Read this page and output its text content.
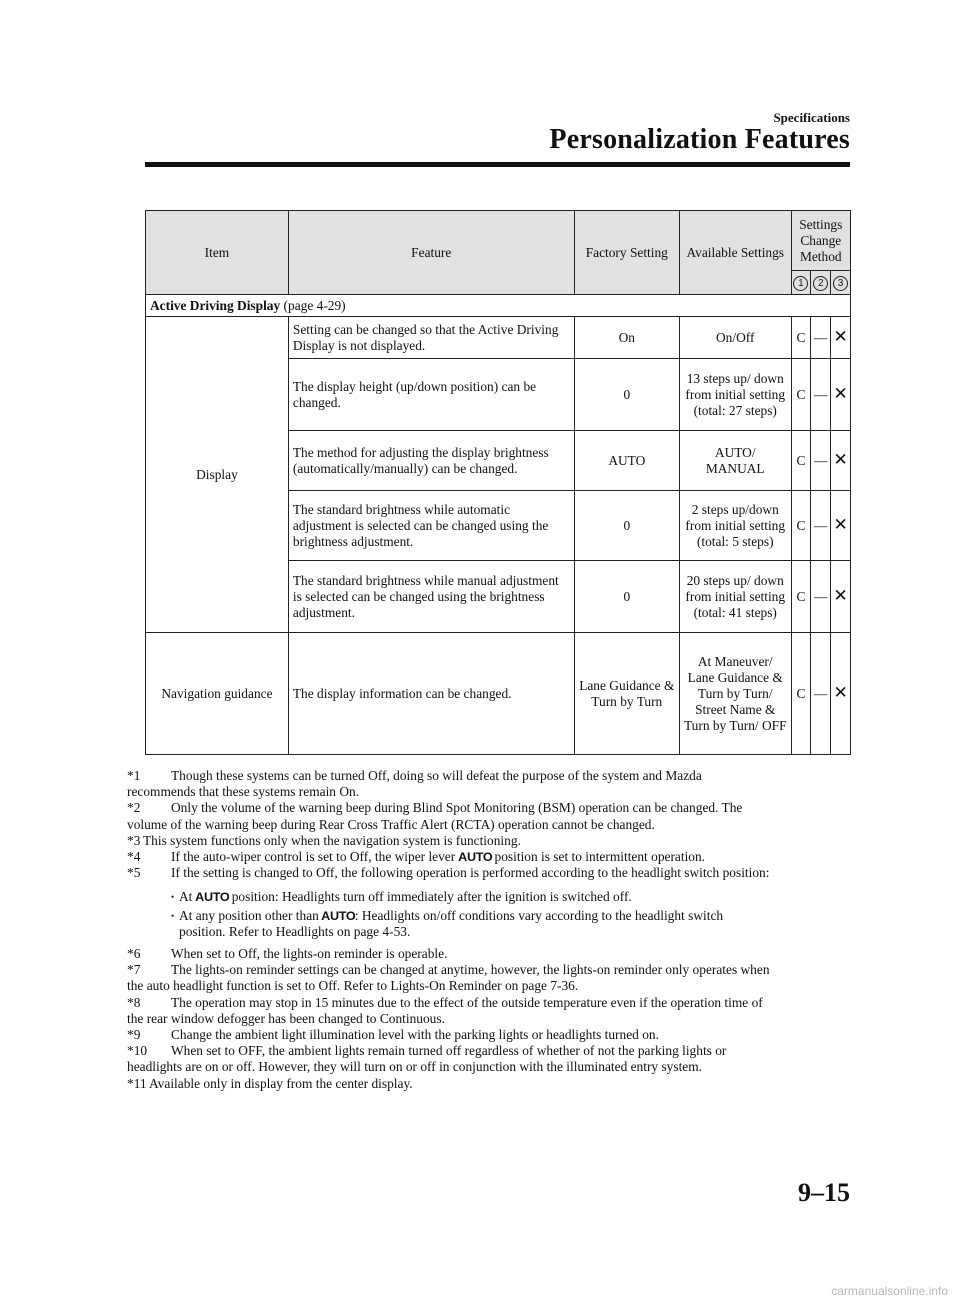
Specifications
Personalization Features
Item	Feature	Factory Setting	Available Settings	Settings Change Method		
				1	2	3
Active Driving Display (page 4-29)						
Display	Setting can be changed so that the Active Driving Display is not displayed.	On	On/Off	C	—	✕
	The display height (up/down position) can be changed.	0	13 steps up/ down from initial setting (total: 27 steps)	C	—	✕
	The method for adjusting the display brightness (automatically/manually) can be changed.	AUTO	AUTO/ MANUAL	C	—	✕
	The standard brightness while automatic adjustment is selected can be changed using the brightness adjustment.	0	2 steps up/down from initial setting (total: 5 steps)	C	—	✕
	The standard brightness while manual adjustment is selected can be changed using the brightness adjustment.	0	20 steps up/ down from initial setting (total: 41 steps)	C	—	✕
Navigation guidance	The display information can be changed.	Lane Guidance & Turn by Turn	At Maneuver/ Lane Guidance & Turn by Turn/ Street Name & Turn by Turn/ OFF	C	—	✕
*1	Though these systems can be turned Off, doing so will defeat the purpose of the system and Mazda
recommends that these systems remain On.
*2	Only the volume of the warning beep during Blind Spot Monitoring (BSM) operation can be changed. The
volume of the warning beep during Rear Cross Traffic Alert (RCTA) operation cannot be changed.
*3 This system functions only when the navigation system is functioning.
*4	If the auto-wiper control is set to Off, the wiper lever AUTO position is set to intermittent operation.
*5	If the setting is changed to Off, the following operation is performed according to the headlight switch position:
• At AUTO position: Headlights turn off immediately after the ignition is switched off.
• At any position other than AUTO: Headlights on/off conditions vary according to the headlight switch
position. Refer to Headlights on page 4-53.
*6	When set to Off, the lights-on reminder is operable.
*7	The lights-on reminder settings can be changed at anytime, however, the lights-on reminder only operates when
the auto headlight function is set to Off. Refer to Lights-On Reminder on page 7-36.
*8	The operation may stop in 15 minutes due to the effect of the outside temperature even if the operation time of
the rear window defogger has been changed to Continuous.
*9	Change the ambient light illumination level with the parking lights or headlights turned on.
*10	When set to OFF, the ambient lights remain turned off regardless of whether of not the parking lights or
headlights are on or off. However, they will turn on or off in conjunction with the illuminated entry system.
*11 Available only in display from the center display.
9–15
carmanualsonline.info
